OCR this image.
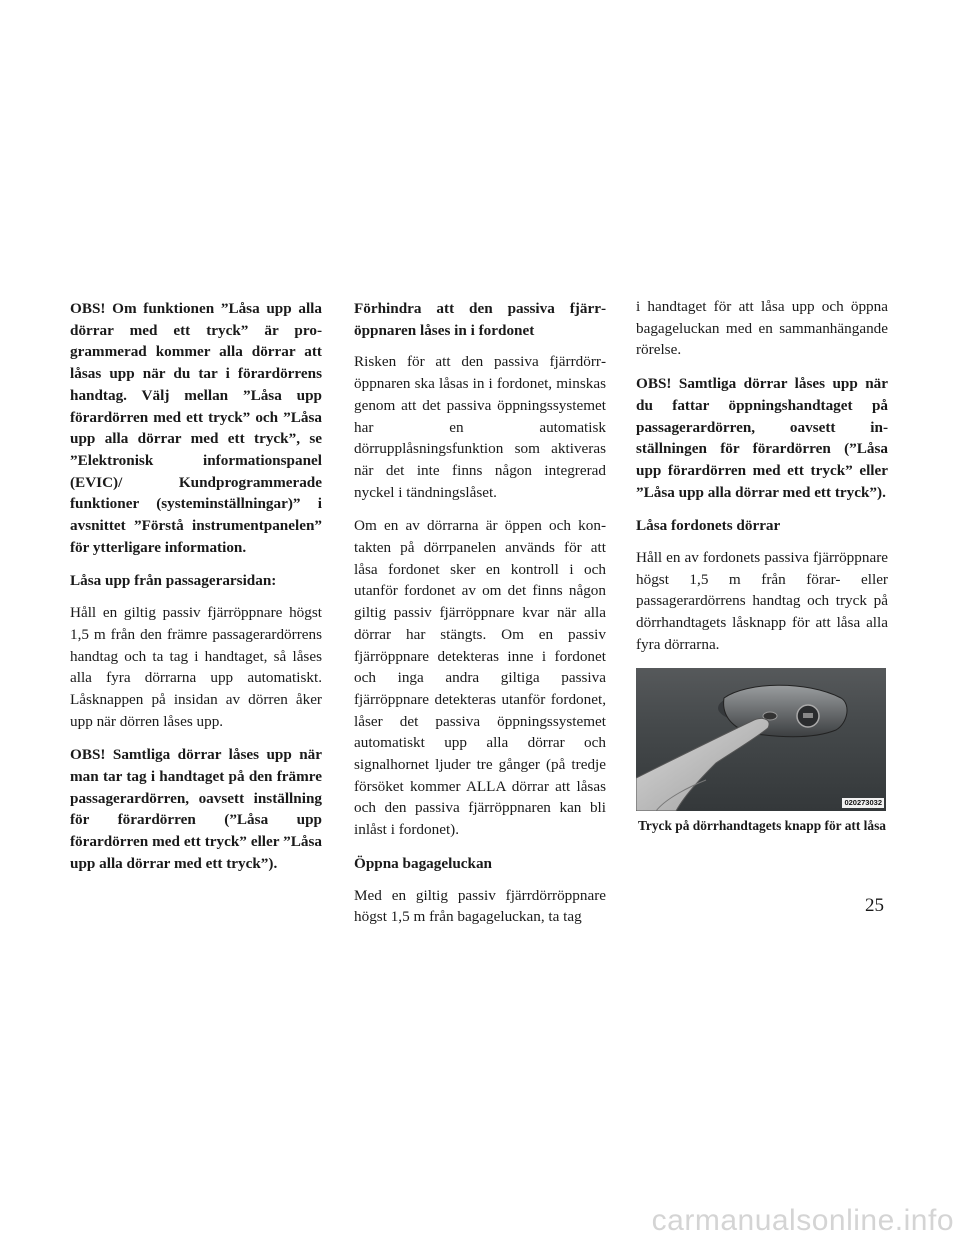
OBS! Om funktionen ”Låsa upp alla dörrar med ett tryck” är programmerad kommer alla dörrar att låsas upp när du tar i förardörrens handtag. Välj mellan ”Låsa upp förardörren med ett tryck” och ”Låsa upp alla dörrar med ett tryck”, se ”Elektronisk informationspanel (EVIC)/ Kundprogrammerade funktioner (systeminställningar)” i avsnittet ”Förstå instrumentpanelen” för ytterligare information.

Låsa upp från passagerarsidan:

Håll en giltig passiv fjärröppnare högst 1,5 m från den främre passagerardörrens handtag och ta tag i handtaget, så låses alla fyra dörrarna upp automatiskt. Låsknappen på insidan av dörren åker upp när dörren låses upp.

OBS! Samtliga dörrar låses upp när man tar tag i handtaget på den främre passagerardörren, oavsett inställning för förardörren (”Låsa upp förardörren med ett tryck” eller ”Låsa upp alla dörrar med ett tryck”).

Förhindra att den passiva fjärröppnaren låses in i fordonet

Risken för att den passiva fjärrdörröppnaren ska låsas in i fordonet, minskas genom att det passiva öppningssystemet har en automatisk dörrupplåsningsfunktion som aktiveras när det inte finns någon integrerad nyckel i tändningslåset.

Om en av dörrarna är öppen och kontakten på dörrpanelen används för att låsa fordonet sker en kontroll i och utanför fordonet av om det finns någon giltig passiv fjärröppnare kvar när alla dörrar har stängts. Om en passiv fjärröppnare detekteras inne i fordonet och inga andra giltiga passiva fjärröppnare detekteras utanför fordonet, låser det passiva öppningssystemet automatiskt upp alla dörrar och signalhornet ljuder tre gånger (på tredje försöket kommer ALLA dörrar att låsas och den passiva fjärröppnaren kan bli inlåst i fordonet).

Öppna bagageluckan

Med en giltig passiv fjärrdörröppnare högst 1,5 m från bagageluckan, ta tag

i handtaget för att låsa upp och öppna bagageluckan med en sammanhängande rörelse.

OBS! Samtliga dörrar låses upp när du fattar öppningshandtaget på passagerardörren, oavsett inställningen för förardörren (”Låsa upp förardörren med ett tryck” eller ”Låsa upp alla dörrar med ett tryck”).

Låsa fordonets dörrar

Håll en av fordonets passiva fjärröppnare högst 1,5 m från förar- eller passagerardörrens handtag och tryck på dörrhandtagets låsknapp för att låsa alla fyra dörrarna.

020273032

Tryck på dörrhandtagets knapp för att låsa

25
carmanualsonline.info
